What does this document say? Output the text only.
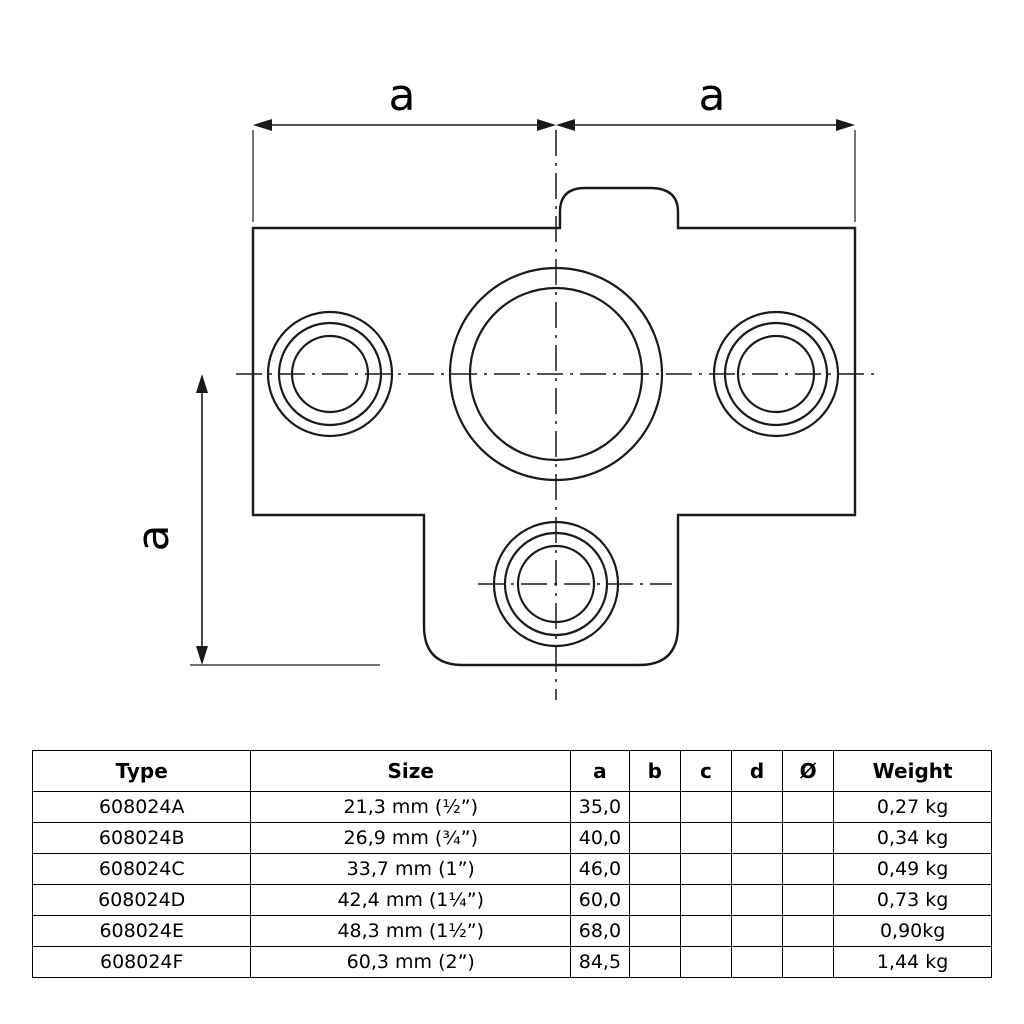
a	a
a
Type	Size	a	b	c	d	Ø	Weight
608024A	21,3 mm (½”)	35,0					0,27 kg
608024B	26,9 mm (¾”)	40,0					0,34 kg
608024C	33,7 mm (1”)	46,0					0,49 kg
608024D	42,4 mm (1¼”)	60,0					0,73 kg
608024E	48,3 mm (1½”)	68,0					0,90kg
608024F	60,3 mm (2”)	84,5					1,44 kg
